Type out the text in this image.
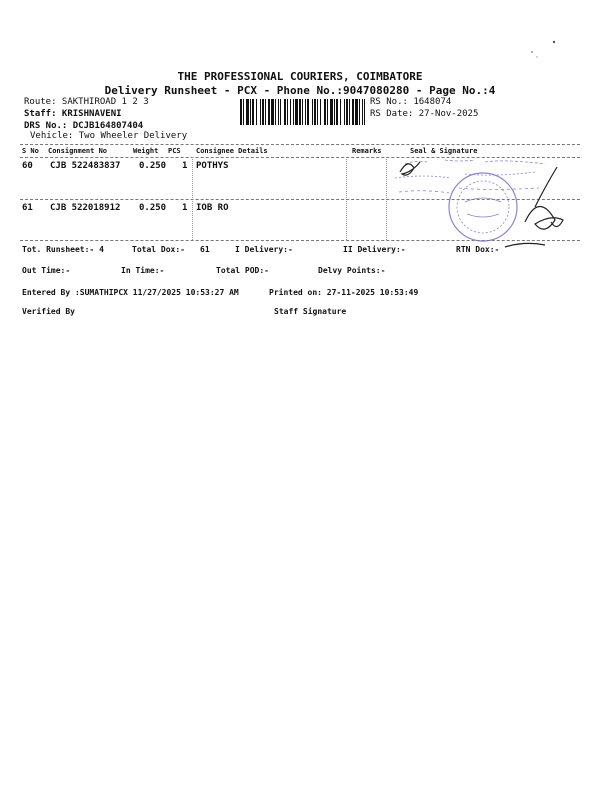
THE PROFESSIONAL COURIERS, COIMBATORE
Delivery Runsheet - PCX - Phone No.:9047080280 - Page No.:4
Route: SAKTHIROAD 1 2 3
Staff: KRISHNAVENI
DRS No.: DCJB164807404
Vehicle: Two Wheeler Delivery
RS No.: 1648074
RS Date: 27-Nov-2025
S No Consignment No	Weight PCS Consignee Details	Remarks	Seal & Signature
60 CJB 522483837 0.250 1 POTHYS
61 CJB 522018912 0.250 1 IOB RO
Tot. Runsheet:- 4	Total Dox:- 61	I Delivery:-	II Delivery:-	RTN Dox:-
Out Time:-	In Time:-	Total POD:-	Delvy Points:-
Entered By :SUMATHIPCX 11/27/2025 10:53:27 AM	Printed on: 27-11-2025 10:53:49
Verified By	Staff Signature
